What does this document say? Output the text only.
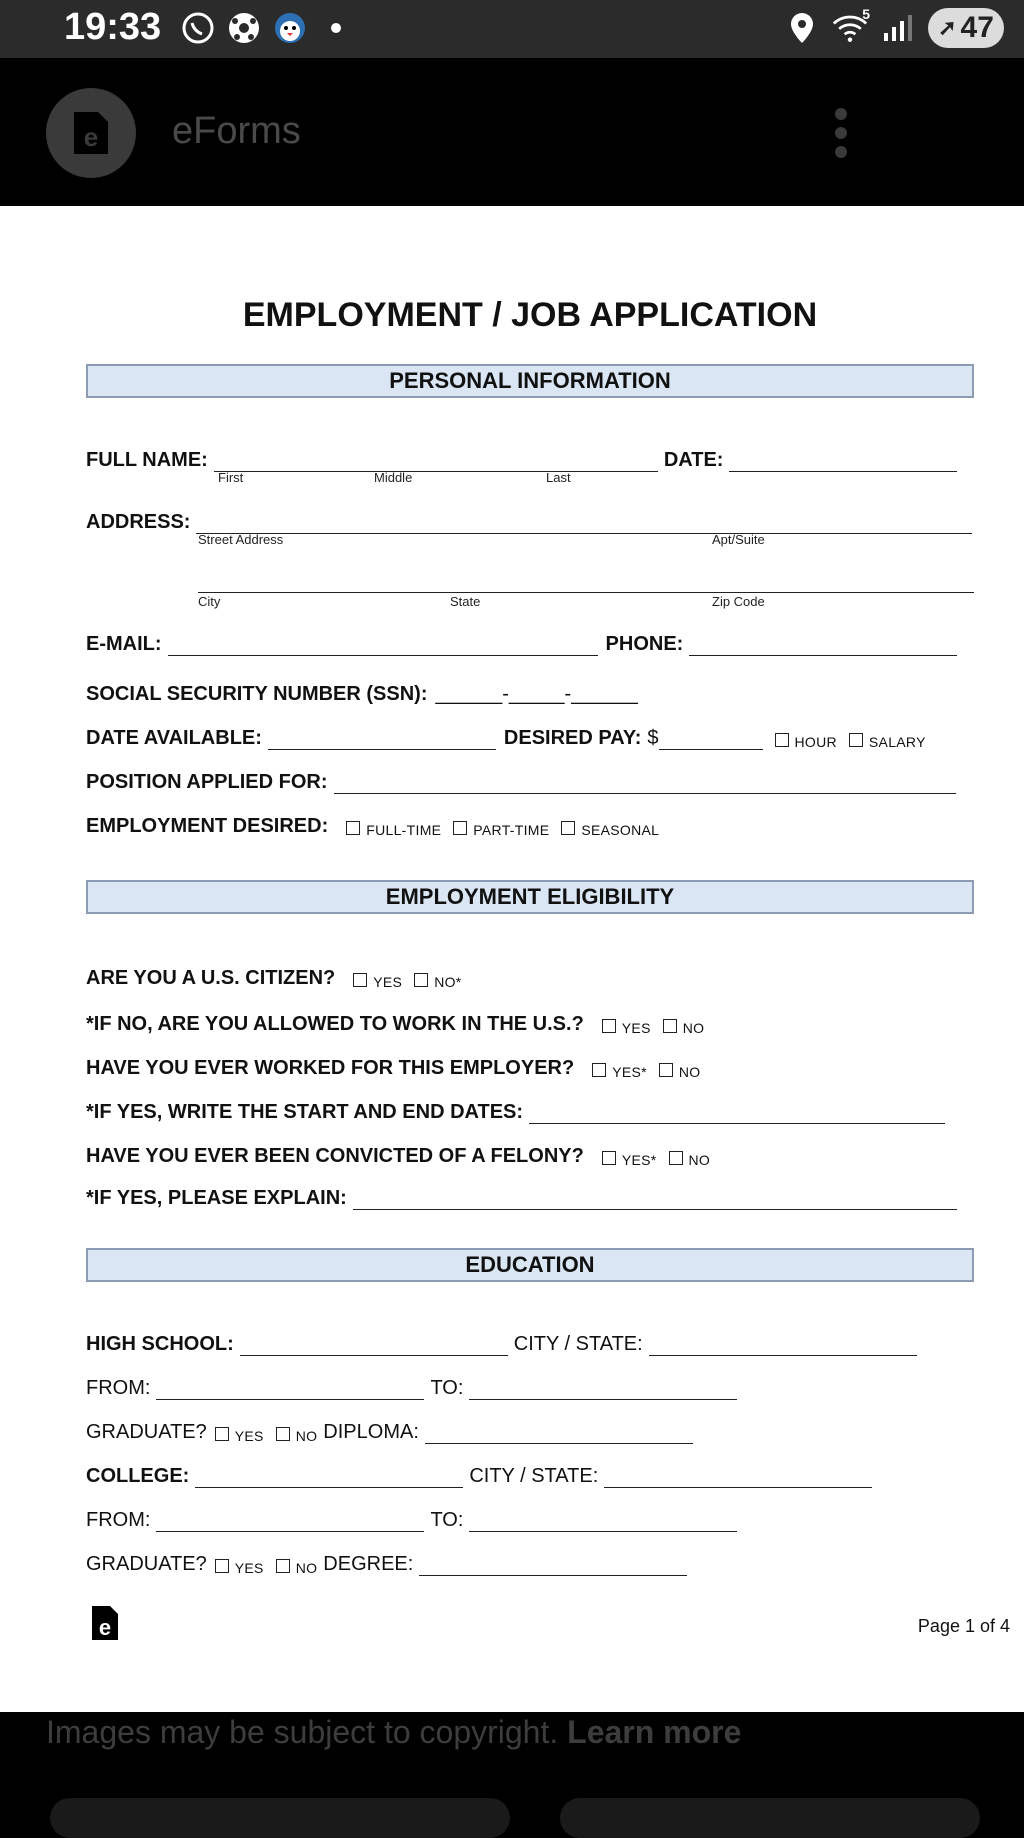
19:33	5
➚ 47
e eForms
EMPLOYMENT / JOB APPLICATION
PERSONAL INFORMATION
FULL NAME:	DATE:
First	Middle	Last
ADDRESS:
Street Address	Apt/Suite
City	State	Zip Code
E-MAIL:	PHONE:
SOCIAL SECURITY NUMBER (SSN): ______-_____-______
DATE AVAILABLE:	DESIRED PAY: $	HOUR SALARY
POSITION APPLIED FOR:
EMPLOYMENT DESIRED:	FULL-TIME PART-TIME SEASONAL
EMPLOYMENT ELIGIBILITY
ARE YOU A U.S. CITIZEN?	YES NO*
*IF NO, ARE YOU ALLOWED TO WORK IN THE U.S.?	YES NO
HAVE YOU EVER WORKED FOR THIS EMPLOYER?	YES* NO
*IF YES, WRITE THE START AND END DATES:
HAVE YOU EVER BEEN CONVICTED OF A FELONY?	YES* NO
*IF YES, PLEASE EXPLAIN:
EDUCATION
HIGH SCHOOL:	CITY / STATE:
FROM:	TO:
GRADUATE? YES NO DIPLOMA:
COLLEGE:	CITY / STATE:
FROM:	TO:
GRADUATE? YES NO DEGREE:
e	Page 1 of 4
Images may be subject to copyright. Learn more
